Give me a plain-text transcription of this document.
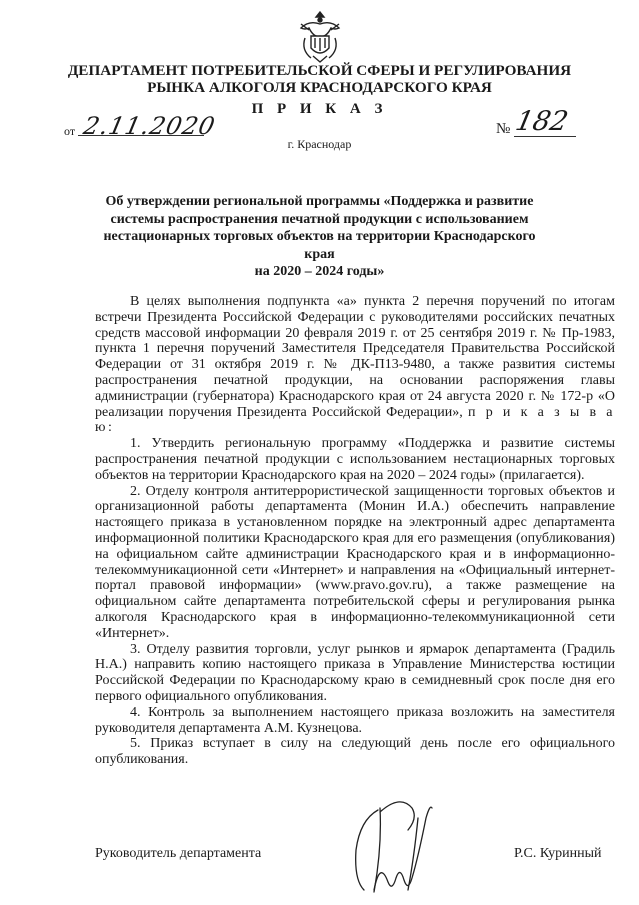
ДЕПАРТАМЕНТ ПОТРЕБИТЕЛЬСКОЙ СФЕРЫ И РЕГУЛИРОВАНИЯ
РЫНКА АЛКОГОЛЯ КРАСНОДАРСКОГО КРАЯ
П Р И К А З
от 2.11.2020	№ 182
г. Краснодар
Об утверждении региональной программы «Поддержка и развитие
системы распространения печатной продукции с использованием
нестационарных торговых объектов на территории Краснодарского края
на 2020 – 2024 годы»

В целях выполнения подпункта «а» пункта 2 перечня поручений по итогам встречи Президента Российской Федерации с руководителями российских печатных средств массовой информации 20 февраля 2019 г. от 25 сентября 2019 г. № Пр-1983, пункта 1 перечня поручений Заместителя Председателя Правительства Российской Федерации от 31 октября 2019 г. № ДК-П13-9480, а также развития системы распространения печатной продукции, на основании распоряжения главы администрации (губернатора) Краснодарского края от 24 августа 2020 г. № 172-р «О реализации поручения Президента Российской Федерации», п р и к а з ы в а ю:

1. Утвердить региональную программу «Поддержка и развитие системы распространения печатной продукции с использованием нестационарных торговых объектов на территории Краснодарского края на 2020 – 2024 годы» (прилагается).

2. Отделу контроля антитеррористической защищенности торговых объектов и организационной работы департамента (Монин И.А.) обеспечить направление настоящего приказа в установленном порядке на электронный адрес департамента информационной политики Краснодарского края для его размещения (опубликования) на официальном сайте администрации Краснодарского края и в информационно-телекоммуникационной сети «Интернет» и направления на «Официальный интернет-портал правовой информации» (www.pravo.gov.ru), а также размещение на официальном сайте департамента потребительской сферы и регулирования рынка алкоголя Краснодарского края в информационно-телекоммуникационной сети «Интернет».

3. Отделу развития торговли, услуг рынков и ярмарок департамента (Градиль Н.А.) направить копию настоящего приказа в Управление Министерства юстиции Российской Федерации по Краснодарскому краю в семидневный срок после дня его первого официального опубликования.

4. Контроль за выполнением настоящего приказа возложить на заместителя руководителя департамента А.М. Кузнецова.

5. Приказ вступает в силу на следующий день после его официального опубликования.

Руководитель департамента	Р.С. Куринный
